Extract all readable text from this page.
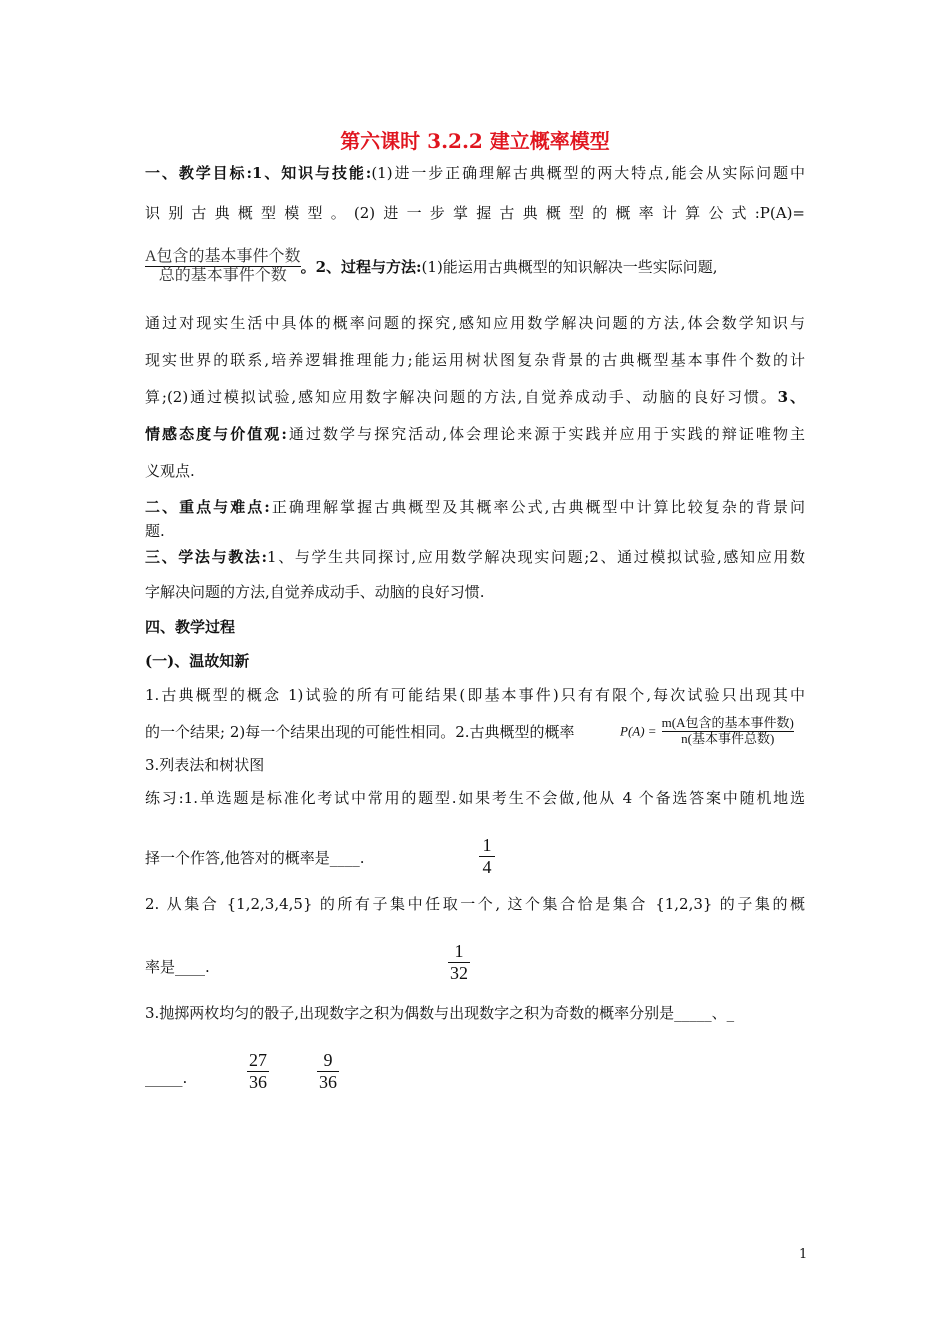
第六课时 3.2.2 建立概率模型
一、教学目标:1、知识与技能:(1)进一步正确理解古典概型的两大特点,能会从实际问题中
识别古典概型模型。(2)进一步掌握古典概型的概率计算公式:P(A)=
$\frac{\text{A包含的基本事件个数}}{\text{总的基本事件个数}}$ 。2、过程与方法:(1)能运用古典概型的知识解决一些实际问题,
通过对现实生活中具体的概率问题的探究,感知应用数学解决问题的方法,体会数学知识与
现实世界的联系,培养逻辑推理能力;能运用树状图复杂背景的古典概型基本事件个数的计
算;(2)通过模拟试验,感知应用数字解决问题的方法,自觉养成动手、动脑的良好习惯。3、
情感态度与价值观:通过数学与探究活动,体会理论来源于实践并应用于实践的辩证唯物主
义观点.
二、重点与难点:正确理解掌握古典概型及其概率公式,古典概型中计算比较复杂的背景问
题.
三、学法与教法:1、与学生共同探讨,应用数学解决现实问题;2、通过模拟试验,感知应用数
字解决问题的方法,自觉养成动手、动脑的良好习惯.
四、教学过程
(一)、温故知新
1.古典概型的概念 1)试验的所有可能结果(即基本事件)只有有限个,每次试验只出现其中
的一个结果; 2)每一个结果出现的可能性相同。2.古典概型的概率	$P(A) = \frac{\text{m(A包含的基本事件数)}}{\text{n(基本事件总数)}}$
3.列表法和树状图
练习:1.单选题是标准化考试中常用的题型.如果考生不会做,他从 4 个备选答案中随机地选
择一个作答,他答对的概率是____.
1
4
2. 从集合 {1,2,3,4,5} 的所有子集中任取一个, 这个集合恰是集合 {1,2,3} 的子集的概
率是____.
1
32
3.抛掷两枚均匀的骰子,出现数字之积为偶数与出现数字之积为奇数的概率分别是_____、_
_____.
27
36
9
36
1
